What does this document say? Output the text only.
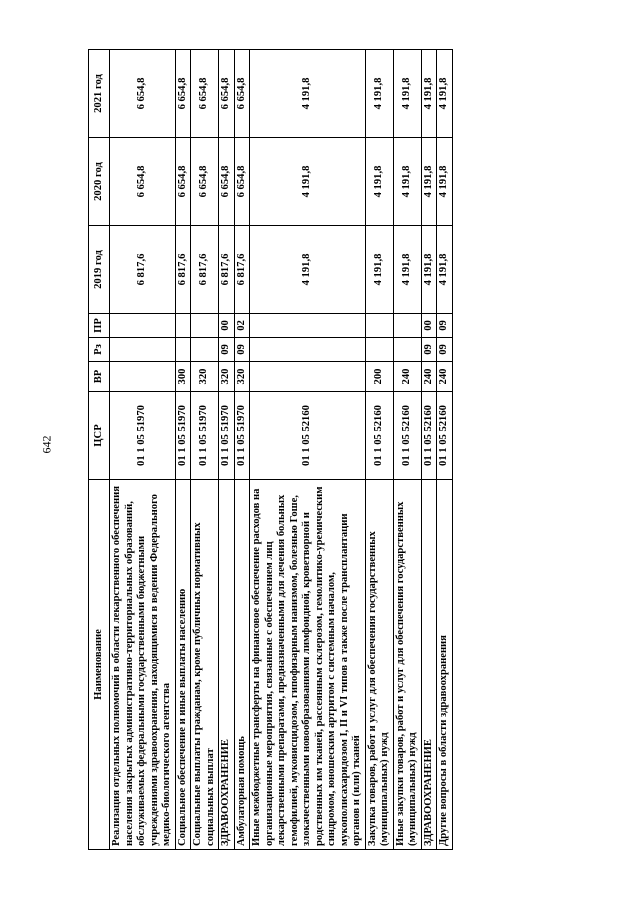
642
Наименование	ЦСР	ВР	Рз	ПР	2019 год	2020 год	2021 год
Реализация отдельных полномочий в области лекарственного обеспечения населения закрытых административно-территориальных образований, обслуживаемых федеральными государственными бюджетными учреждениями здравоохранения, находящимися в ведении Федерального медико-биологического агентства	01 1 05 51970				6 817,6	6 654,8	6 654,8
Социальное обеспечение и иные выплаты населению	01 1 05 51970	300			6 817,6	6 654,8	6 654,8
Социальные выплаты гражданам, кроме публичных нормативных социальных выплат	01 1 05 51970	320			6 817,6	6 654,8	6 654,8
ЗДРАВООХРАНЕНИЕ	01 1 05 51970	320	09	00	6 817,6	6 654,8	6 654,8
Амбулаторная помощь	01 1 05 51970	320	09	02	6 817,6	6 654,8	6 654,8
Иные межбюджетные трансферты на финансовое обеспечение расходов на организационные мероприятия, связанные с обеспечением лиц лекарственными препаратами, предназначенными для лечения больных гемофилией, муковисцидозом, гипофизарным нанизмом, болезнью Гоше, злокачественными новообразованиями лимфоидной, кроветворной и родственных им тканей, рассеянным склерозом, гемолитико-уремическим синдромом, юношеским артритом с системным началом, мукополисахаридозом I, II и VI типов а также после трансплантации органов и (или) тканей	01 1 05 52160				4 191,8	4 191,8	4 191,8
Закупка товаров, работ и услуг для обеспечения государственных (муниципальных) нужд	01 1 05 52160	200			4 191,8	4 191,8	4 191,8
Иные закупки товаров, работ и услуг для обеспечения государственных (муниципальных) нужд	01 1 05 52160	240			4 191,8	4 191,8	4 191,8
ЗДРАВООХРАНЕНИЕ	01 1 05 52160	240	09	00	4 191,8	4 191,8	4 191,8
Другие вопросы в области здравоохранения	01 1 05 52160	240	09	09	4 191,8	4 191,8	4 191,8
